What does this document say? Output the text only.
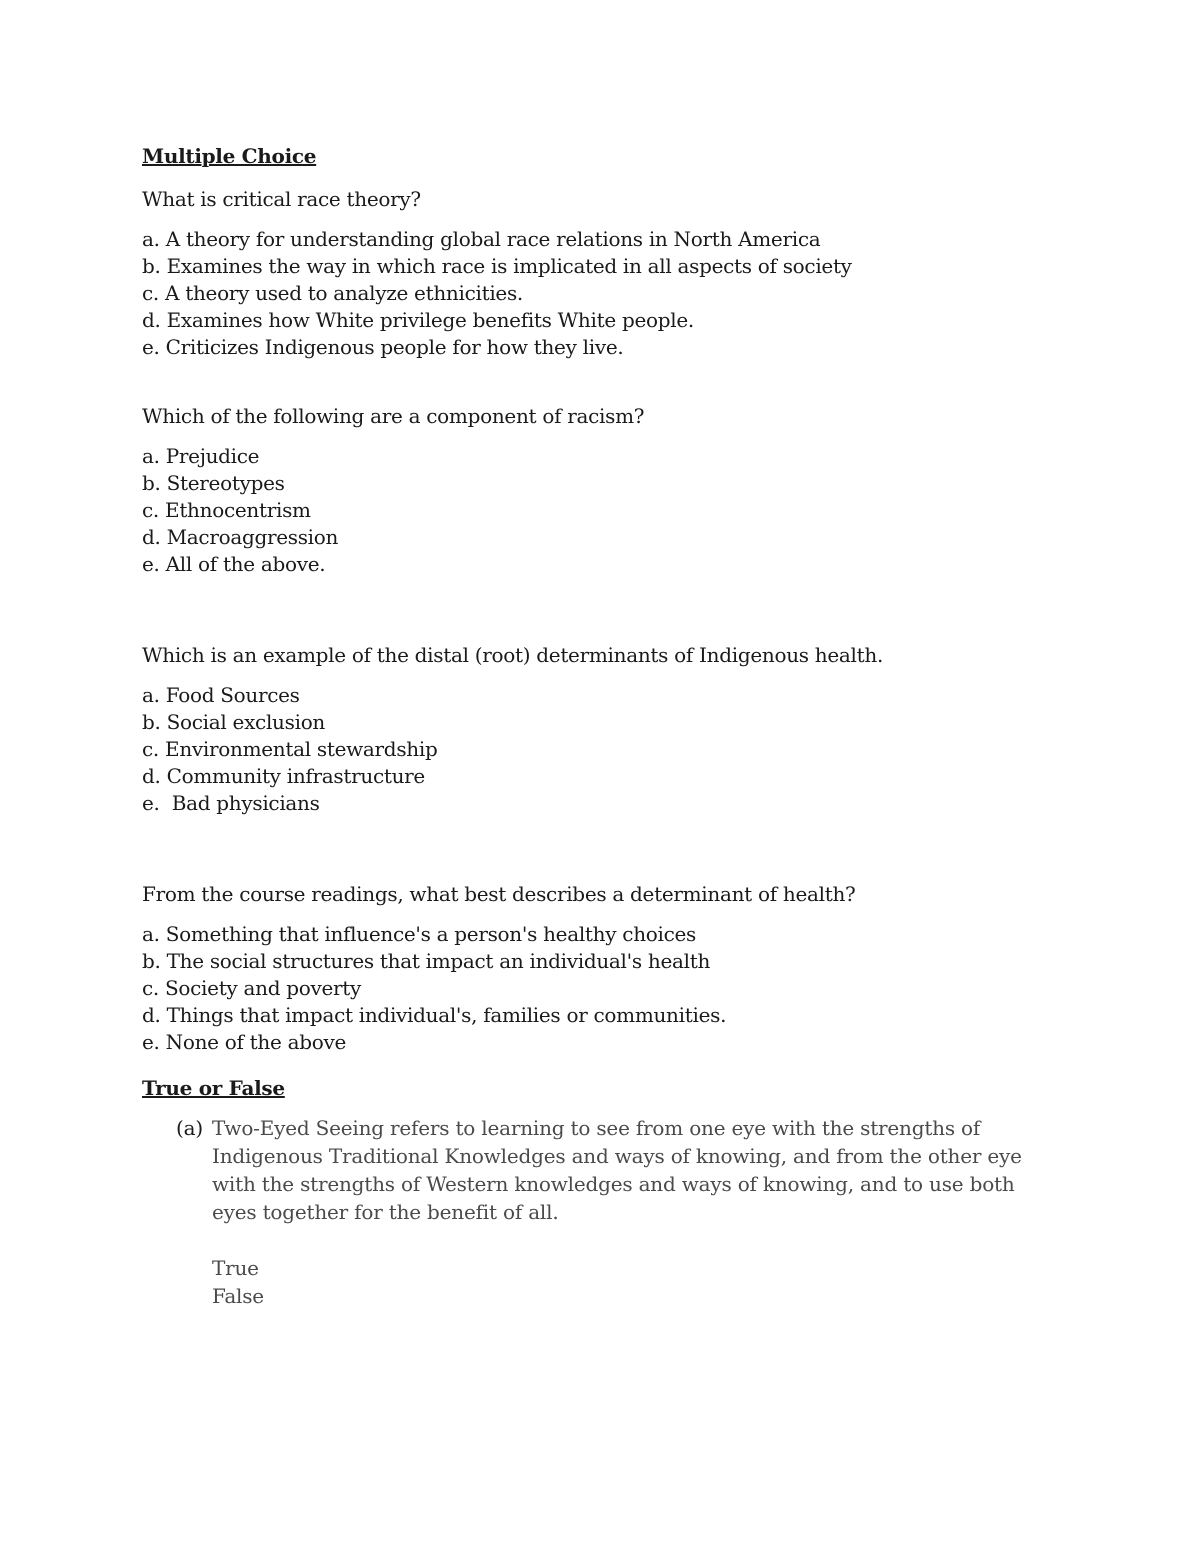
Multiple Choice

What is critical race theory?

a. A theory for understanding global race relations in North America
b. Examines the way in which race is implicated in all aspects of society
c. A theory used to analyze ethnicities.
d. Examines how White privilege benefits White people.
e. Criticizes Indigenous people for how they live.

Which of the following are a component of racism?

a. Prejudice
b. Stereotypes
c. Ethnocentrism
d. Macroaggression
e. All of the above.

Which is an example of the distal (root) determinants of Indigenous health.

a. Food Sources
b. Social exclusion
c. Environmental stewardship
d. Community infrastructure
e.  Bad physicians

From the course readings, what best describes a determinant of health?

a. Something that influence's a person's healthy choices
b. The social structures that impact an individual's health
c. Society and poverty
d. Things that impact individual's, families or communities.
e. None of the above
True or False
(a) Two-Eyed Seeing refers to learning to see from one eye with the strengths of Indigenous Traditional Knowledges and ways of knowing, and from the other eye with the strengths of Western knowledges and ways of knowing, and to use both eyes together for the benefit of all.

True
False
